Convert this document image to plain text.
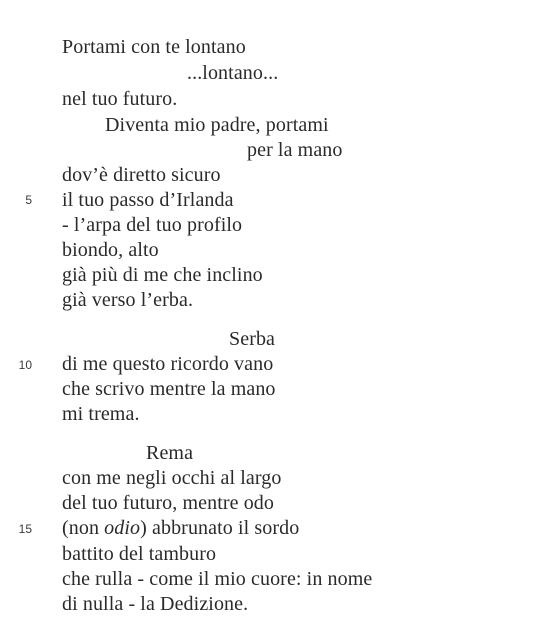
Portami con te lontano
...lontano...
nel tuo futuro.
Diventa mio padre, portami
per la mano
dov’è diretto sicuro
5 il tuo passo d’Irlanda
- l’arpa del tuo profilo
biondo, alto
già più di me che inclino
già verso l’erba.
Serba
10 di me questo ricordo vano
che scrivo mentre la mano
mi trema.
Rema
con me negli occhi al largo
del tuo futuro, mentre odo
15 (non odio) abbrunato il sordo
battito del tamburo
che rulla - come il mio cuore: in nome
di nulla - la Dedizione.
